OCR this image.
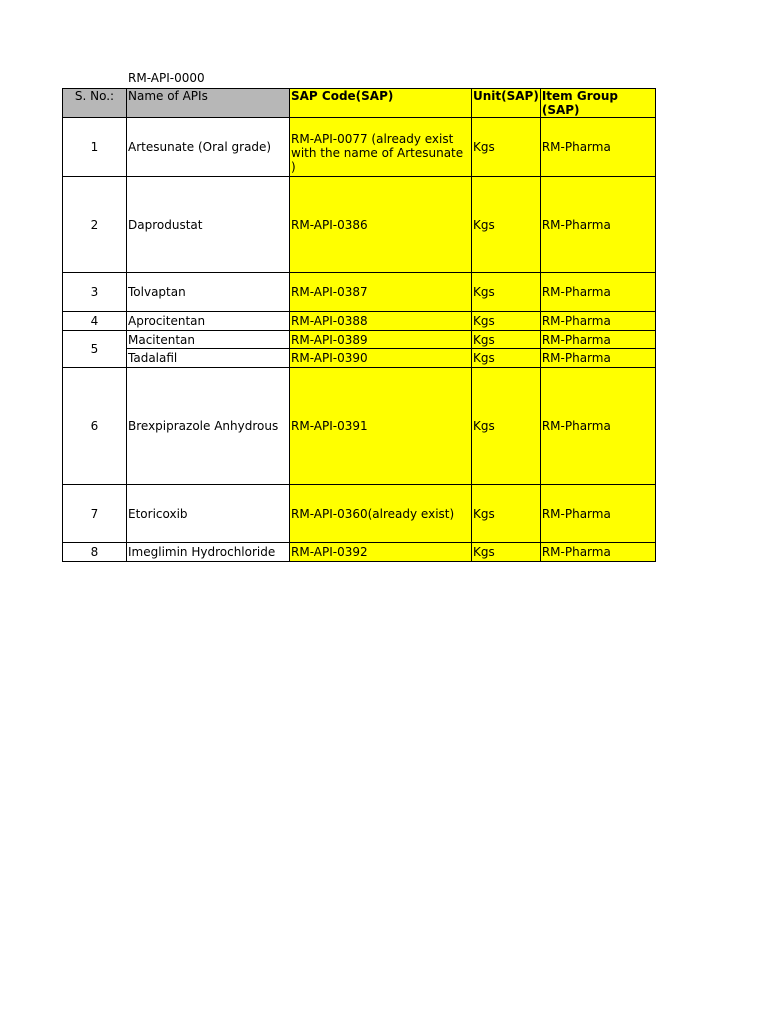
RM-API-0000
S. No.:	Name of APIs	SAP Code(SAP)	Unit(SAP)	Item Group (SAP)
1	Artesunate (Oral grade)	RM-API-0077 (already exist with the name of Artesunate )	Kgs	RM-Pharma
2	Daprodustat	RM-API-0386	Kgs	RM-Pharma
3	Tolvaptan	RM-API-0387	Kgs	RM-Pharma
4	Aprocitentan	RM-API-0388	Kgs	RM-Pharma
5	Macitentan	RM-API-0389	Kgs	RM-Pharma
	Tadalafil	RM-API-0390	Kgs	RM-Pharma
6	Brexpiprazole Anhydrous	RM-API-0391	Kgs	RM-Pharma
7	Etoricoxib	RM-API-0360(already exist)	Kgs	RM-Pharma
8	Imeglimin Hydrochloride	RM-API-0392	Kgs	RM-Pharma
